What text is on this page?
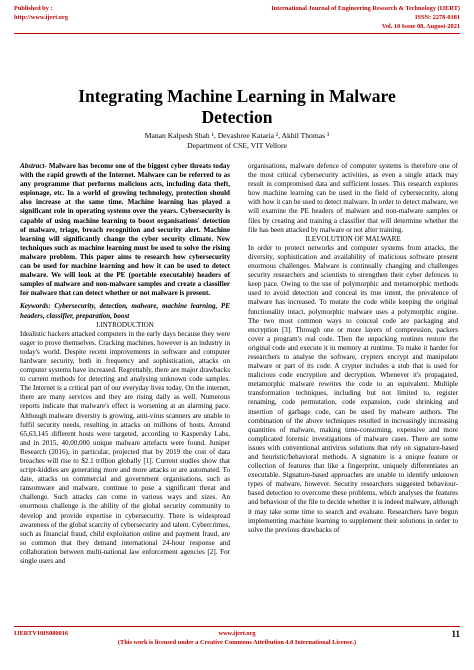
Published by :
http://www.ijert.org
International Journal of Engineering Research & Technology (IJERT)
ISSN: 2278-0181
Vol. 10 Issue 08, August-2021
Integrating Machine Learning in Malware
Detection
Manan Kalpesh Shah ¹, Devashree Kataria ², Akhil Thomas ³
Department of CSE, VIT Vellore

Abstract- Malware has become one of the biggest cyber threats today with the rapid growth of the Internet. Malware can be referred to as any programme that performs malicious acts, including data theft, espionage, etc. In a world of growing technology, protection should also increase at the same time. Machine learning has played a significant role in operating systems over the years. Cybersecurity is capable of using machine learning to boost organisations' detection of malware, triage, breach recognition and security alert. Machine learning will significantly change the cyber security climate. New techniques such as machine learning must be used to solve the rising malware problem. This paper aims to research how cybersecurity can be used for machine learning and how it can be used to detect malware. We will look at the PE (portable executable) headers of samples of malware and non-malware samples and create a classifier for malware that can detect whether or not malware is present.

Keywords: Cybersecurity, detection, malware, machine learning, PE headers, classifier, preparation, boost

I.INTRODUCTION

Idealistic hackers attacked computers in the early days because they were eager to prove themselves. Cracking machines, however is an industry in today's world. Despite recent improvements in software and computer hardware security, both in frequency and sophistication, attacks on computer systems have increased. Regrettably, there are major drawbacks to current methods for detecting and analysing unknown code samples. The Internet is a critical part of our everyday lives today. On the internet, there are many services and they are rising daily as well. Numerous reports indicate that malware's effect is worsening at an alarming pace. Although malware diversity is growing, anti-virus scanners are unable to fulfil security needs, resulting in attacks on millions of hosts. Around 65,63,145 different hosts were targeted, according to Kaspersky Labs, and in 2015, 40,00,000 unique malware artefacts were found. Juniper Research (2016), in particular, projected that by 2019 the cost of data breaches will rise to $2.1 trillion globally [1]. Current studies show that script-kiddies are generating more and more attacks or are automated. To date, attacks on commercial and government organisations, such as ransomware and malware, continue to pose a significant threat and challenge. Such attacks can come in various ways and sizes. An enormous challenge is the ability of the global security community to develop and provide expertise in cybersecurity. There is widespread awareness of the global scarcity of cybersecurity and talent. Cybercrimes, such as financial fraud, child exploitation online and payment fraud, are so common that they demand international 24-hour response and collaboration between multi-national law enforcement agencies [2]. For single users and

organisations, malware defence of computer systems is therefore one of the most critical cybersecurity activities, as even a single attack may result in compromised data and sufficient losses. This research explores how machine learning can be used in the field of cybersecurity, along with how it can be used to detect malware. In order to detect malware, we will examine the PE headers of malware and non-malware samples or files by creating and training a classifier that will determine whether the file has been attacked by malware or not after training.

II.EVOLUTION OF MALWARE

In order to protect networks and computer systems from attacks, the diversity, sophistication and availability of malicious software present enormous challenges. Malware is continually changing and challenges security researchers and scientists to strengthen their cyber defences to keep pace. Owing to the use of polymorphic and metamorphic methods used to avoid detection and conceal its true intent, the prevalence of malware has increased. To mutate the code while keeping the original functionality intact, polymorphic malware uses a polymorphic engine. The two most common ways to conceal code are packaging and encryption [3]. Through one or more layers of compression, packers cover a program's real code. Then the unpacking routines restore the original code and execute it in memory at runtime. To make it harder for researchers to analyse the software, crypters encrypt and manipulate malware or part of its code. A crypter includes a stub that is used for malicious code encryption and decryption. Whenever it's propagated, metamorphic malware rewrites the code to an equivalent. Multiple transformation techniques, including but not limited to, register renaming, code permutation, code expansion, code shrinking and insertion of garbage code, can be used by malware authors. The combination of the above techniques resulted in increasingly increasing quantities of malware, making time-consuming, expensive and more complicated forensic investigations of malware cases. There are some issues with conventional antivirus solutions that rely on signature-based and heuristic/behavioral methods. A signature is a unique feature or collection of features that like a fingerprint, uniquely differentiates an executable. Signature-based approaches are unable to identify unknown types of malware, however. Security researchers suggested behaviour-based detection to overcome these problems, which analyses the features and behaviour of the file to decide whether it is indeed malware, although it may take some time to search and evaluate. Researchers have begun implementing machine learning to supplement their solutions in order to solve the previous drawbacks of

IJERTV10IS080016	www.ijert.org
(This work is licensed under a Creative Commons Attribution 4.0 International License.)
11
